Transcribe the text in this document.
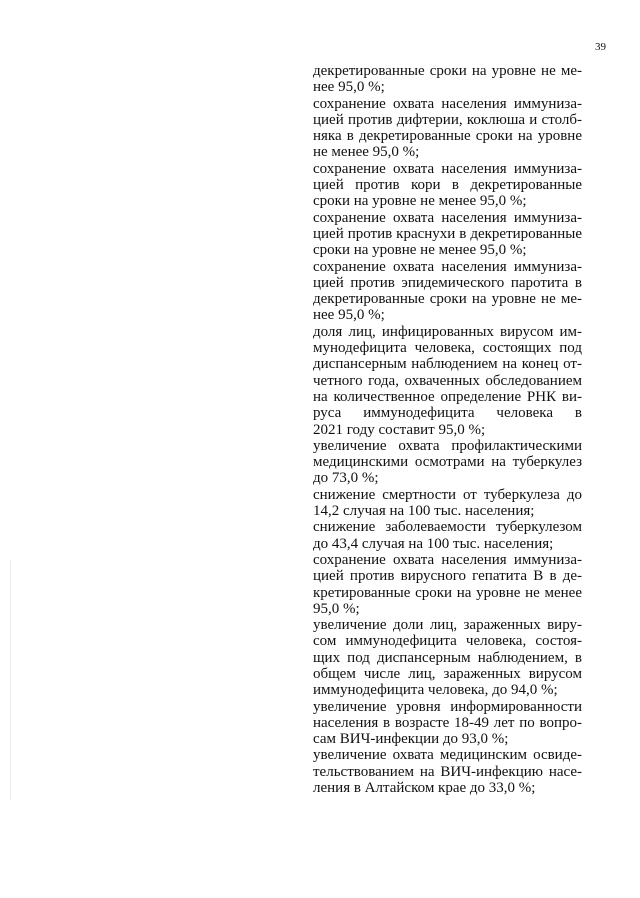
39

декретированные сроки на уровне не ме-
нее 95,0 %;

сохранение охвата населения иммуниза-
цией против дифтерии, коклюша и столб-
няка в декретированные сроки на уровне
не менее 95,0 %;

сохранение охвата населения иммуниза-
цией против кори в декретированные
сроки на уровне не менее 95,0 %;

сохранение охвата населения иммуниза-
цией против краснухи в декретированные
сроки на уровне не менее 95,0 %;

сохранение охвата населения иммуниза-
цией против эпидемического паротита в
декретированные сроки на уровне не ме-
нее 95,0 %;

доля лиц, инфицированных вирусом им-
мунодефицита человека, состоящих под
диспансерным наблюдением на конец от-
четного года, охваченных обследованием
на количественное определение РНК ви-
руса иммунодефицита человека в
2021 году составит 95,0 %;

увеличение охвата профилактическими
медицинскими осмотрами на туберкулез
до 73,0 %;

снижение смертности от туберкулеза до
14,2 случая на 100 тыс. населения;

снижение заболеваемости туберкулезом
до 43,4 случая на 100 тыс. населения;

сохранение охвата населения иммуниза-
цией против вирусного гепатита В в де-
кретированные сроки на уровне не менее
95,0 %;

увеличение доли лиц, зараженных виру-
сом иммунодефицита человека, состоя-
щих под диспансерным наблюдением, в
общем числе лиц, зараженных вирусом
иммунодефицита человека, до 94,0 %;

увеличение уровня информированности
населения в возрасте 18-49 лет по вопро-
сам ВИЧ-инфекции до 93,0 %;

увеличение охвата медицинским освиде-
тельствованием на ВИЧ-инфекцию насе-
ления в Алтайском крае до 33,0 %;
